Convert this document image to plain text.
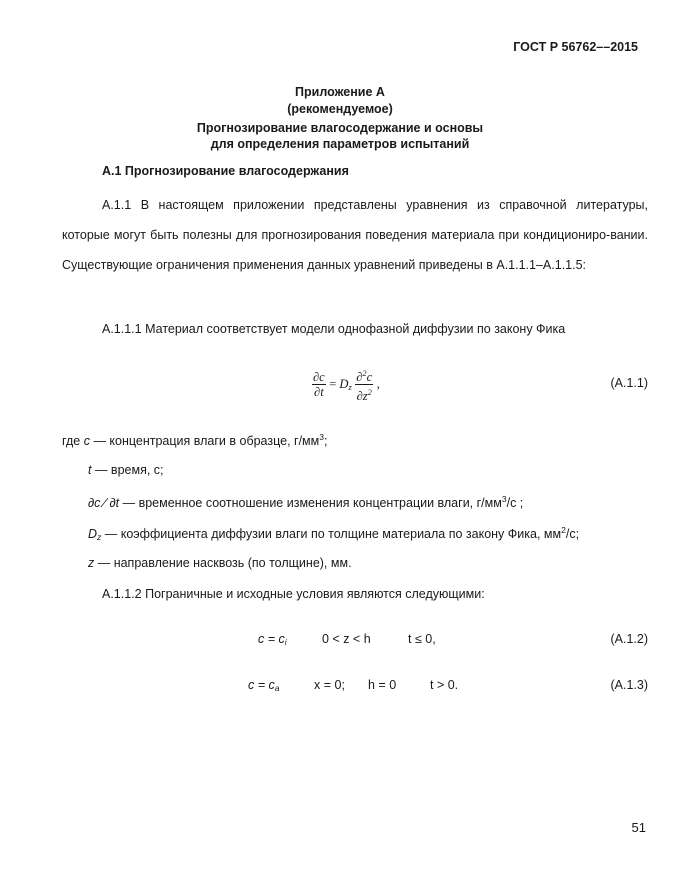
ГОСТ Р 56762––2015
Приложение А
(рекомендуемое)
Прогнозирование влагосодержание и основы
для определения параметров испытаний
А.1 Прогнозирование влагосодержания
А.1.1 В настоящем приложении представлены уравнения из справочной литературы, которые могут быть полезны для прогнозирования поведения материала при кондициониро-вании. Существующие ограничения применения данных уравнений приведены в А.1.1.1–А.1.1.5:
А.1.1.1 Материал соответствует модели однофазной диффузии по закону Фика
$\frac{\partial c}{\partial t} = D_z \frac{\partial^2c}{\partial z^2}$ ,	(А.1.1)
где c — концентрация влаги в образце, $г/мм^3$;
t — время, с;
∂c ⁄ ∂t — временное соотношение изменения концентрации влаги, $г/мм^3/с$ ;
$D_z$ — коэффициента диффузии влаги по толщине материала по закону Фика, $мм^2/с$;
z — направление насквозь (по толщине), мм.
А.1.1.2 Пограничные и исходные условия являются следующими:
$c = c_i$	0 < z < h	t ≤ 0,	(А.1.2)
$c = c_a$	x = 0; h = 0	t > 0.	(А.1.3)
51
